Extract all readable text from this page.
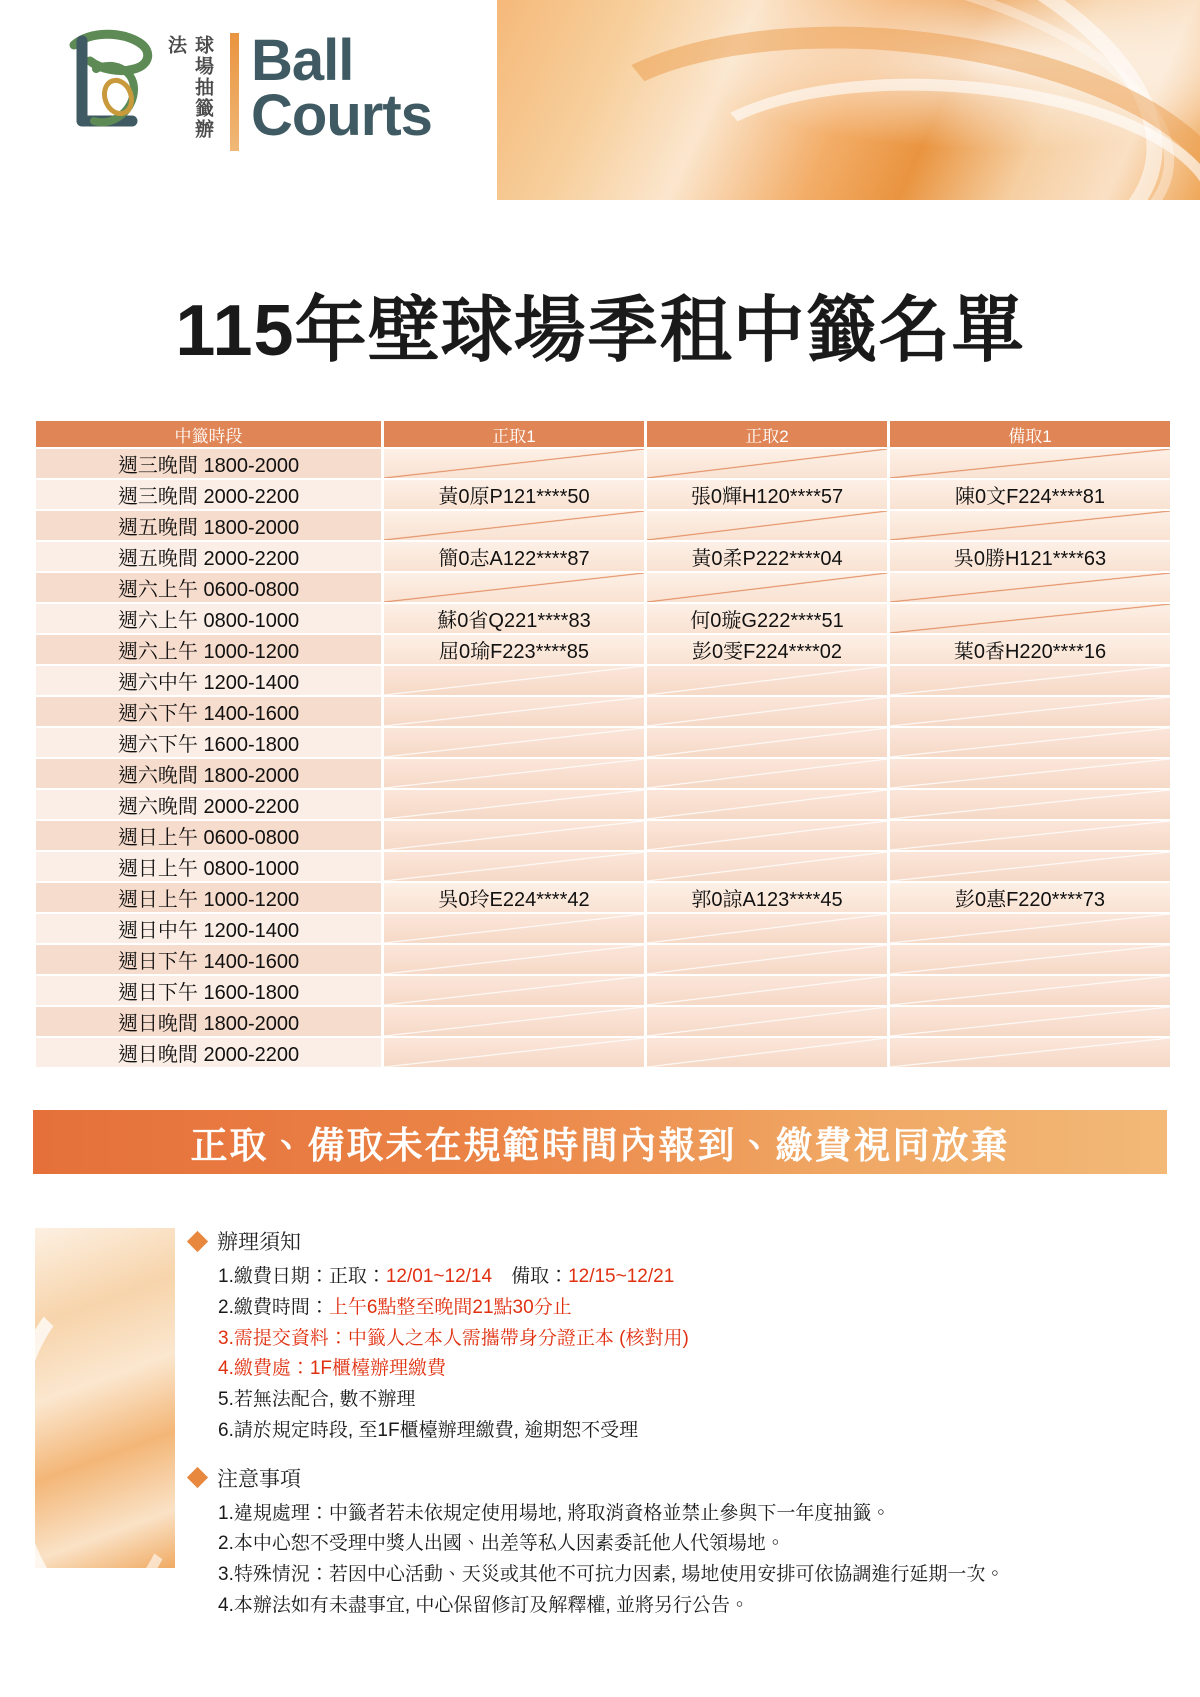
球場抽籤辦法	Ball
Courts
115年壁球場季租中籤名單
中籤時段	正取1	正取2	備取1
週三晚間 1800-2000			
週三晚間 2000-2200	黃0原P121****50	張0輝H120****57	陳0文F224****81
週五晚間 1800-2000			
週五晚間 2000-2200	簡0志A122****87	黃0柔P222****04	吳0勝H121****63
週六上午 0600-0800			
週六上午 0800-1000	蘇0省Q221****83	何0璇G222****51	
週六上午 1000-1200	屈0瑜F223****85	彭0雯F224****02	葉0香H220****16
週六中午 1200-1400			
週六下午 1400-1600			
週六下午 1600-1800			
週六晚間 1800-2000			
週六晚間 2000-2200			
週日上午 0600-0800			
週日上午 0800-1000			
週日上午 1000-1200	吳0玲E224****42	郭0諒A123****45	彭0惠F220****73
週日中午 1200-1400			
週日下午 1400-1600			
週日下午 1600-1800			
週日晚間 1800-2000			
週日晚間 2000-2200			
正取、備取未在規範時間內報到、繳費視同放棄
辦理須知
1.繳費日期：正取：12/01~12/14　備取：12/15~12/21
2.繳費時間：上午6點整至晚間21點30分止
3.需提交資料：中籤人之本人需攜帶身分證正本 (核對用)
4.繳費處：1F櫃檯辦理繳費
5.若無法配合, 數不辦理
6.請於規定時段, 至1F櫃檯辦理繳費, 逾期恕不受理
注意事項
1.違規處理：中籤者若未依規定使用場地, 將取消資格並禁止參與下一年度抽籤。
2.本中心恕不受理中獎人出國、出差等私人因素委託他人代領場地。
3.特殊情況：若因中心活動、天災或其他不可抗力因素, 場地使用安排可依協調進行延期一次。
4.本辦法如有未盡事宜, 中心保留修訂及解釋權, 並將另行公告。
